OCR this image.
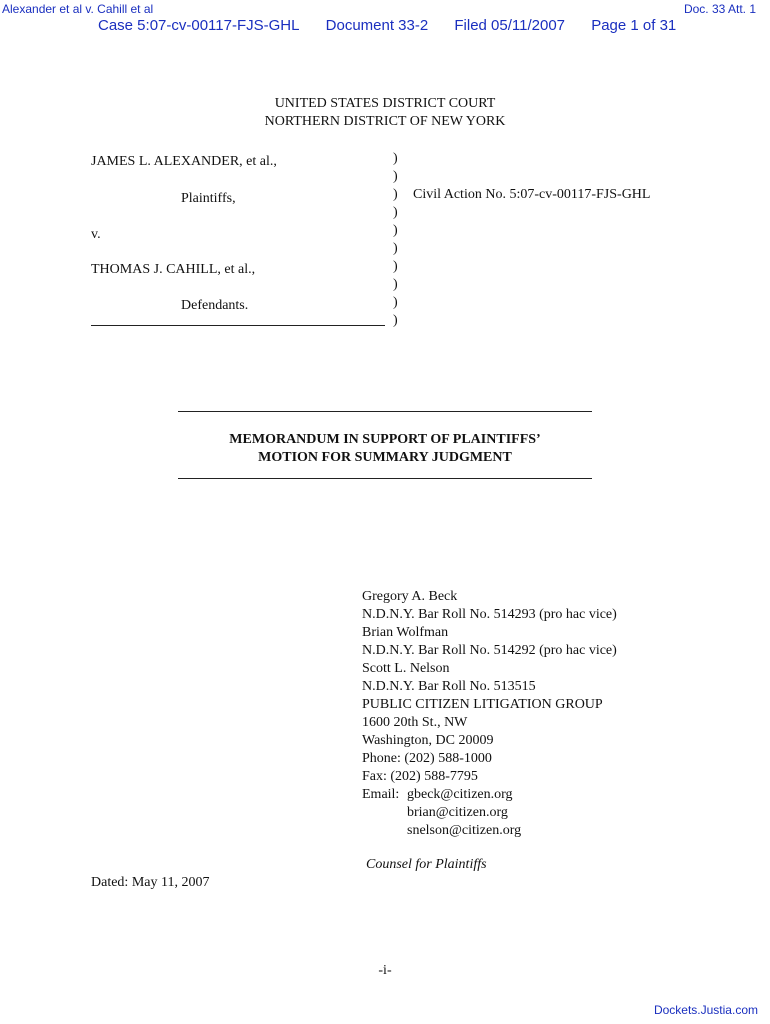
Alexander et al v. Cahill et al	Doc. 33 Att. 1
Case 5:07-cv-00117-FJS-GHL Document 33-2 Filed 05/11/2007 Page 1 of 31
Dockets.Justia.com
UNITED STATES DISTRICT COURT
NORTHERN DISTRICT OF NEW YORK
JAMES L. ALEXANDER, et al.,
Plaintiffs,
v.
THOMAS J. CAHILL, et al.,
Defendants.
)
)
)
)
)
)
)
)
)
)
Civil Action No. 5:07-cv-00117-FJS-GHL
MEMORANDUM IN SUPPORT OF PLAINTIFFS’
MOTION FOR SUMMARY JUDGMENT
Gregory A. Beck
N.D.N.Y. Bar Roll No. 514293 (pro hac vice)
Brian Wolfman
N.D.N.Y. Bar Roll No. 514292 (pro hac vice)
Scott L. Nelson
N.D.N.Y. Bar Roll No. 513515
PUBLIC CITIZEN LITIGATION GROUP
1600 20th St., NW
Washington, DC 20009
Phone: (202) 588-1000
Fax: (202) 588-7795
Email: gbeck@citizen.org
brian@citizen.org
snelson@citizen.org
Counsel for Plaintiffs
Dated: May 11, 2007
-i-
